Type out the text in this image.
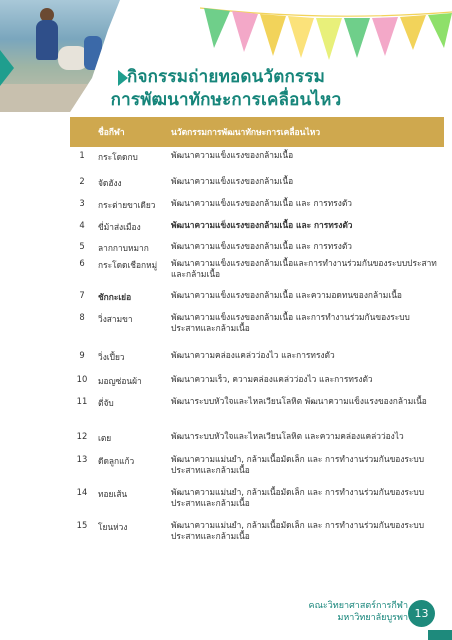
กิจกรรมถ่ายทอดนวัตกรรม
การพัฒนาทักษะการเคลื่อนไหว
	ชื่อกีฬา	นวัตกรรมการพัฒนาทักษะการเคลื่อนไหว
1	กระโดดกบ	พัฒนาความแข็งแรงของกล้ามเนื้อ
2	จัดฮังง	พัฒนาความแข็งแรงของกล้ามเนื้อ
3	กระต่ายขาเดียว	พัฒนาความแข็งแรงของกล้ามเนื้อ และ การทรงตัว
4	ขี่ม้าส่งเมือง	พัฒนาความแข็งแรงของกล้ามเนื้อ และ การทรงตัว
5	ลากกาบหมาก	พัฒนาความแข็งแรงของกล้ามเนื้อ และ การทรงตัว
6	กระโดดเชือกหมู่	พัฒนาความแข็งแรงของกล้ามเนื้อและการทำงานร่วมกันของระบบประสาทและกล้ามเนื้อ
7	ชักกะเย่อ	พัฒนาความแข็งแรงของกล้ามเนื้อ และความอดทนของกล้ามเนื้อ
8	วิ่งสามขา	พัฒนาความแข็งแรงของกล้ามเนื้อ และการทำงานร่วมกันของระบบประสาทและกล้ามเนื้อ
9	วิ่งเปี้ยว	พัฒนาความคล่องแคล่วว่องไว และการทรงตัว
10	มอญซ่อนผ้า	พัฒนาความเร็ว, ความคล่องแคล่วว่องไว และการทรงตัว
11	ตี่จับ	พัฒนาระบบหัวใจและไหลเวียนโลหิต พัฒนาความแข็งแรงของกล้ามเนื้อ
12	เตย	พัฒนาระบบหัวใจและไหลเวียนโลหิต และความคล่องแคล่วว่องไว
13	ดีดลูกแก้ว	พัฒนาความแม่นยำ, กล้ามเนื้อมัดเล็ก และ การทำงานร่วมกันของระบบประสาทและกล้ามเนื้อ
14	ทอยเส้น	พัฒนาความแม่นยำ, กล้ามเนื้อมัดเล็ก และ การทำงานร่วมกันของระบบประสาทและกล้ามเนื้อ
15	โยนห่วง	พัฒนาความแม่นยำ, กล้ามเนื้อมัดเล็ก และ การทำงานร่วมกันของระบบประสาทและกล้ามเนื้อ
คณะวิทยาศาสตร์การกีฬา
มหาวิทยาลัยบูรพา 13
